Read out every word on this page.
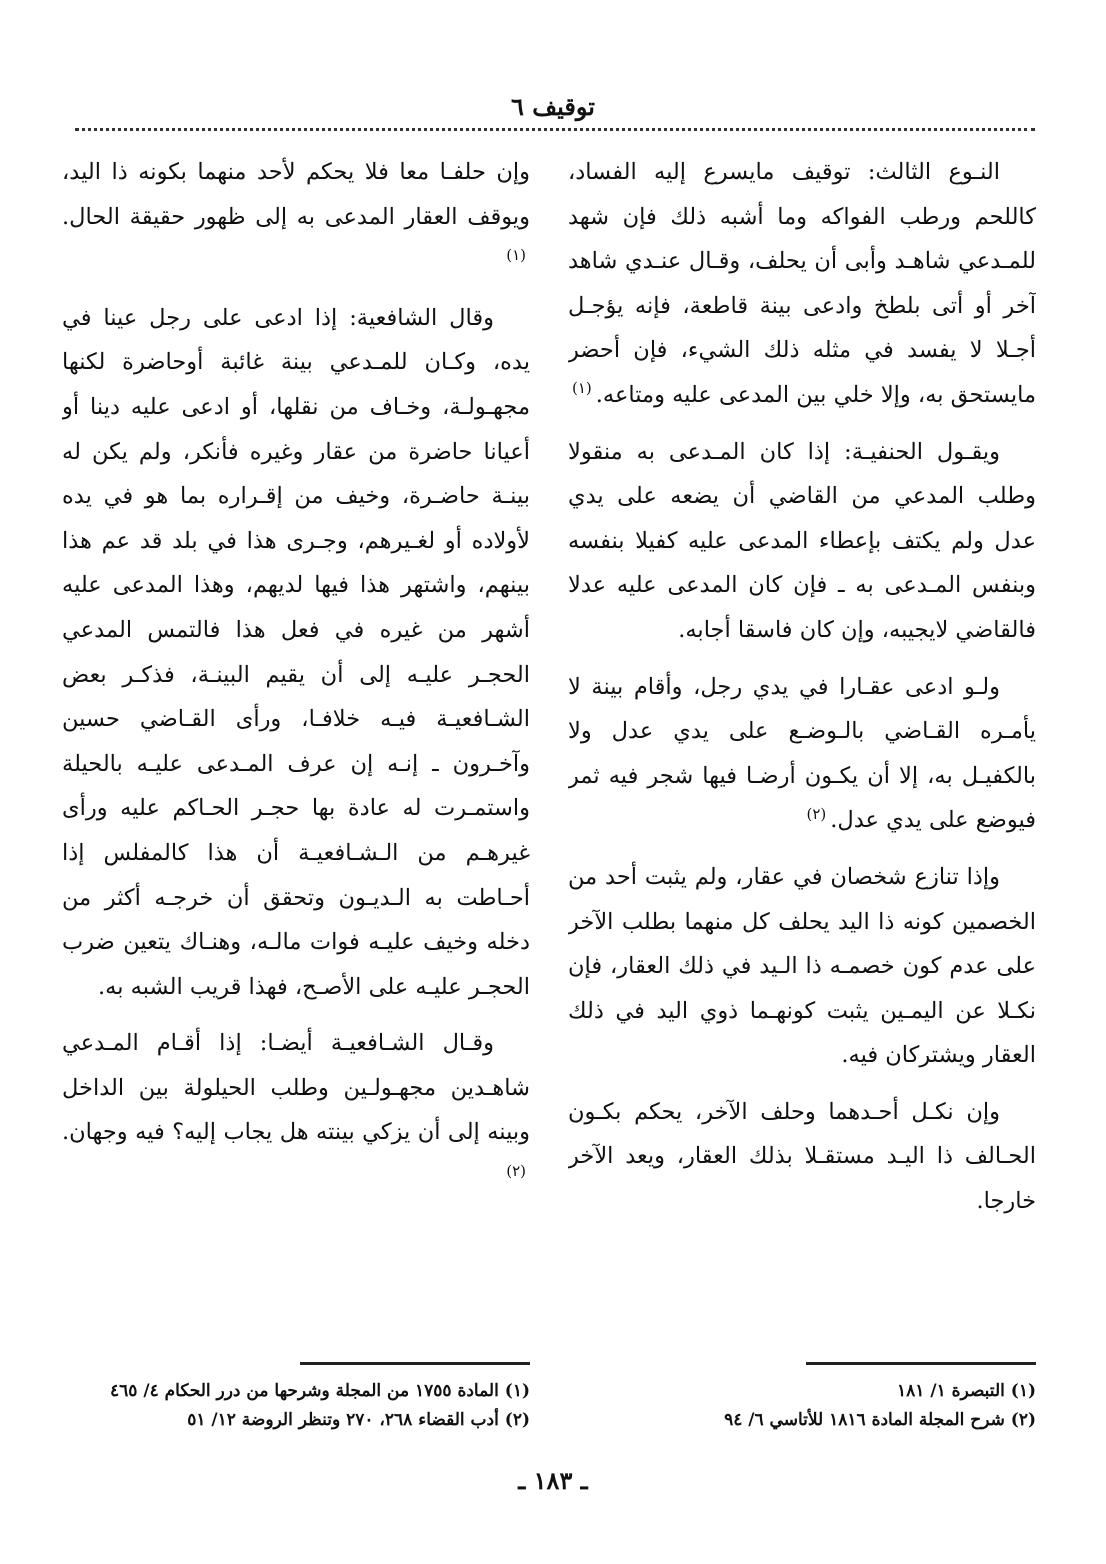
توقيف ٦

النـوع الثالث: توقيف مايسرع إليه الفساد، كاللحم ورطب الفواكه وما أشبه ذلك فإن شهد للمـدعي شاهـد وأبى أن يحلف، وقـال عنـدي شاهد آخر أو أتى بلطخ وادعى بينة قاطعة، فإنه يؤجـل أجـلا لا يفسد في مثله ذلك الشيء، فإن أحضر مايستحق به، وإلا خلي بين المدعى عليه ومتاعه.$^{(١)}$

ويقـول الحنفيـة: إذا كان المـدعى به منقولا وطلب المدعي من القاضي أن يضعه على يدي عدل ولم يكتف بإعطاء المدعى عليه كفيلا بنفسه وبنفس المـدعى به ـ فإن كان المدعى عليه عدلا فالقاضي لايجيبه، وإن كان فاسقا أجابه.

ولـو ادعى عقـارا في يدي رجل، وأقام بينة لا يأمـره القـاضي بالـوضـع على يدي عدل ولا بالكفيـل به، إلا أن يكـون أرضـا فيها شجر فيه ثمر فيوضع على يدي عدل.$^{(٢)}$

وإذا تنازع شخصان في عقار، ولم يثبت أحد من الخصمين كونه ذا اليد يحلف كل منهما بطلب الآخر على عدم كون خصمـه ذا الـيد في ذلك العقار، فإن نكـلا عن اليمـين يثبت كونهـما ذوي اليد في ذلك العقار ويشتركان فيه.

وإن نكـل أحـدهما وحلف الآخر، يحكم بكـون الحـالف ذا اليـد مستقـلا بذلك العقار، ويعد الآخر خارجا.

وإن حلفـا معا فلا يحكم لأحد منهما بكونه ذا اليد، ويوقف العقار المدعى به إلى ظهور حقيقة الحال.$^{(١)}$

وقال الشافعية: إذا ادعى على رجل عينا في يده، وكـان للمـدعي بينة غائبة أوحاضرة لكنها مجهـولـة، وخـاف من نقلها، أو ادعى عليه دينا أو أعيانا حاضرة من عقار وغيره فأنكر، ولم يكن له بينـة حاضـرة، وخيف من إقـراره بما هو في يده لأولاده أو لغـيرهم، وجـرى هذا في بلد قد عم هذا بينهم، واشتهر هذا فيها لديهم، وهذا المدعى عليه أشهر من غيره في فعل هذا فالتمس المدعي الحجـر عليـه إلى أن يقيم البينـة، فذكـر بعض الشـافعيـة فيـه خلافـا، ورأى القـاضي حسين وآخـرون ـ إنـه إن عرف المـدعى عليـه بالحيلة واستمـرت له عادة بها حجـر الحـاكم عليه ورأى غيرهـم من الـشـافعيـة أن هذا كالمفلس إذا أحـاطت به الـديـون وتحقق أن خرجـه أكثر من دخله وخيف عليـه فوات مالـه، وهنـاك يتعين ضرب الحجـر عليـه على الأصـح، فهذا قريب الشبه به.

وقـال الشـافعيـة أيضـا: إذا أقـام المـدعي شاهـدين مجهـولـين وطلب الحيلولة بين الداخل وبينه إلى أن يزكي بينته هل يجاب إليه؟ فيه وجهان.$^{(٢)}$

(١) التبصرة ١/ ١٨١

(٢) شرح المجلة المادة ١٨١٦ للأتاسي ٦/ ٩٤

(١) المادة ١٧٥٥ من المجلة وشرحها من درر الحكام ٤/ ٤٦٥

(٢) أدب القضاء ٢٦٨، ٢٧٠ وتنظر الروضة ١٢/ ٥١

ـ ١٨٣ ـ
